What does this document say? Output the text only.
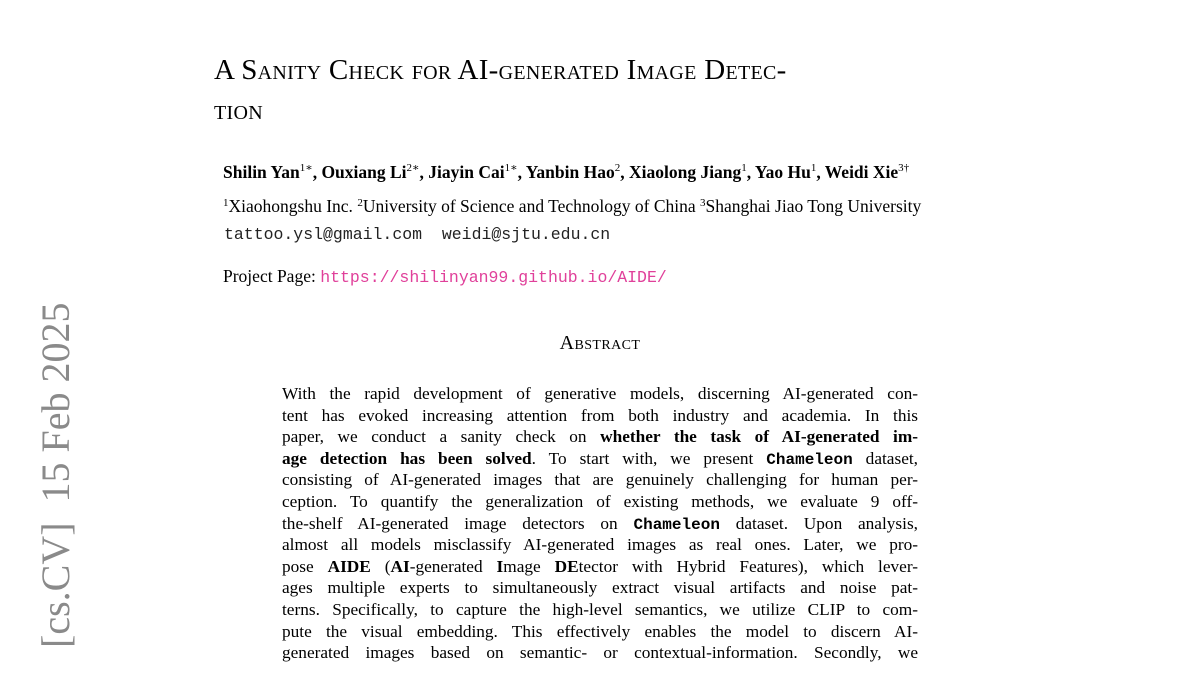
[cs.CV]15 Feb 2025
A Sanity Check for AI-generated Image Detec-
tion
Shilin Yan$^{1∗}$, Ouxiang $Li^{2∗}$, Jiayin Cai$^{1∗}$, Yanbin Hao$^2$, Xiaolong Jiang$^1$, Yao Hu$^1$, Weidi Xie$^{3\dagger}$
$^1$Xiaohongshu Inc. $^2$University of Science and Technology of China $^3$Shanghai Jiao Tong University
tattoo.ysl@gmail.com weidi@sjtu.edu.cn
Project Page: https://shilinyan99.github.io/AIDE/
Abstract
With the rapid development of generative models, discerning AI-generated con-
tent has evoked increasing attention from both industry and academia. In this
paper, we conduct a sanity check on whether the task of AI-generated im-
age detection has been solved. To start with, we present Chameleon dataset,
consisting of AI-generated images that are genuinely challenging for human per-
ception. To quantify the generalization of existing methods, we evaluate 9 off-
the-shelf AI-generated image detectors on Chameleon dataset. Upon analysis,
almost all models misclassify AI-generated images as real ones. Later, we pro-
pose AIDE (AI-generated Image DEtector with Hybrid Features), which lever-
ages multiple experts to simultaneously extract visual artifacts and noise pat-
terns. Specifically, to capture the high-level semantics, we utilize CLIP to com-
pute the visual embedding. This effectively enables the model to discern AI-
generated images based on semantic- or contextual-information. Secondly, we
